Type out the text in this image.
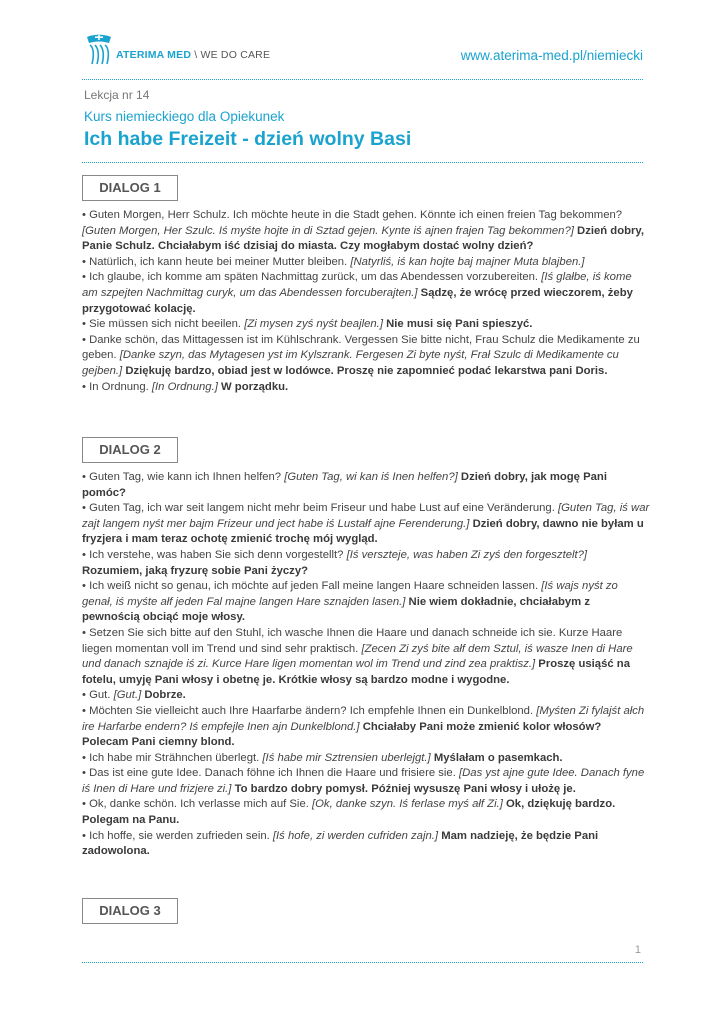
ATERIMA MED \ WE DO CARE	www.aterima-med.pl/niemiecki
Lekcja nr 14
Kurs niemieckiego dla Opiekunek
Ich habe Freizeit - dzień wolny Basi
DIALOG 1

• Guten Morgen, Herr Schulz. Ich möchte heute in die Stadt gehen. Könnte ich einen freien Tag bekommen? [Guten Morgen, Her Szulc. Iś myśte hojte in di Sztad gejen. Kynte iś ajnen frajen Tag bekommen?] Dzień dobry, Panie Schulz. Chciałabym iść dzisiaj do miasta. Czy mogłabym dostać wolny dzień?

• Natürlich, ich kann heute bei meiner Mutter bleiben. [Natyrliś, iś kan hojte baj majner Muta blajben.]

• Ich glaube, ich komme am späten Nachmittag zurück, um das Abendessen vorzubereiten. [Iś glałbe, iś kome am szpejten Nachmittag curyk, um das Abendessen forcuberajten.] Sądzę, że wrócę przed wieczorem, żeby przygotować kolację.

• Sie müssen sich nicht beeilen. [Zi mysen zyś nyśt beajlen.] Nie musi się Pani spieszyć.

• Danke schön, das Mittagessen ist im Kühlschrank. Vergessen Sie bitte nicht, Frau Schulz die Medikamente zu geben. [Danke szyn, das Mytagesen yst im Kylszrank. Fergesen Zi byte nyśt, Frał Szulc di Medikamente cu gejben.] Dziękuję bardzo, obiad jest w lodówce. Proszę nie zapomnieć podać lekarstwa pani Doris.

• In Ordnung. [In Ordnung.] W porządku.

DIALOG 2

• Guten Tag, wie kann ich Ihnen helfen? [Guten Tag, wi kan iś Inen helfen?] Dzień dobry, jak mogę Pani pomóc?

• Guten Tag, ich war seit langem nicht mehr beim Friseur und habe Lust auf eine Veränderung. [Guten Tag, iś war zajt langem nyśt mer bajm Frizeur und ject habe iś Lustałf ajne Ferenderung.] Dzień dobry, dawno nie byłam u fryzjera i mam teraz ochotę zmienić trochę mój wygląd.

• Ich verstehe, was haben Sie sich denn vorgestellt? [Iś verszteje, was haben Zi zyś den forgesztelt?] Rozumiem, jaką fryzurę sobie Pani życzy?

• Ich weiß nicht so genau, ich möchte auf jeden Fall meine langen Haare schneiden lassen. [Iś wajs nyśt zo genał, iś myśte ałf jeden Fal majne langen Hare sznajden lasen.] Nie wiem dokładnie, chciałabym z pewnością obciąć moje włosy.

• Setzen Sie sich bitte auf den Stuhl, ich wasche Ihnen die Haare und danach schneide ich sie. Kurze Haare liegen momentan voll im Trend und sind sehr praktisch. [Zecen Zi zyś bite ałf dem Sztul, iś wasze Inen di Hare und danach sznajde iś zi. Kurce Hare ligen momentan wol im Trend und zind zea praktisz.] Proszę usiąść na fotelu, umyję Pani włosy i obetnę je. Krótkie włosy są bardzo modne i wygodne.

• Gut. [Gut.] Dobrze.

• Möchten Sie vielleicht auch Ihre Haarfarbe ändern? Ich empfehle Ihnen ein Dunkelblond. [Myśten Zi fylajśt ałch ire Harfarbe endern? Iś empfejle Inen ajn Dunkelblond.] Chciałaby Pani może zmienić kolor włosów? Polecam Pani ciemny blond.

• Ich habe mir Strähnchen überlegt. [Iś habe mir Sztrensien uberlejgt.] Myślałam o pasemkach.

• Das ist eine gute Idee. Danach föhne ich Ihnen die Haare und frisiere sie. [Das yst ajne gute Idee. Danach fyne iś Inen di Hare und frizjere zi.] To bardzo dobry pomysł. Później wysuszę Pani włosy i ułożę je.

• Ok, danke schön. Ich verlasse mich auf Sie. [Ok, danke szyn. Iś ferlase myś ałf Zi.] Ok, dziękuję bardzo. Polegam na Panu.

• Ich hoffe, sie werden zufrieden sein. [Iś hofe, zi werden cufriden zajn.] Mam nadzieję, że będzie Pani zadowolona.

DIALOG 3
1
